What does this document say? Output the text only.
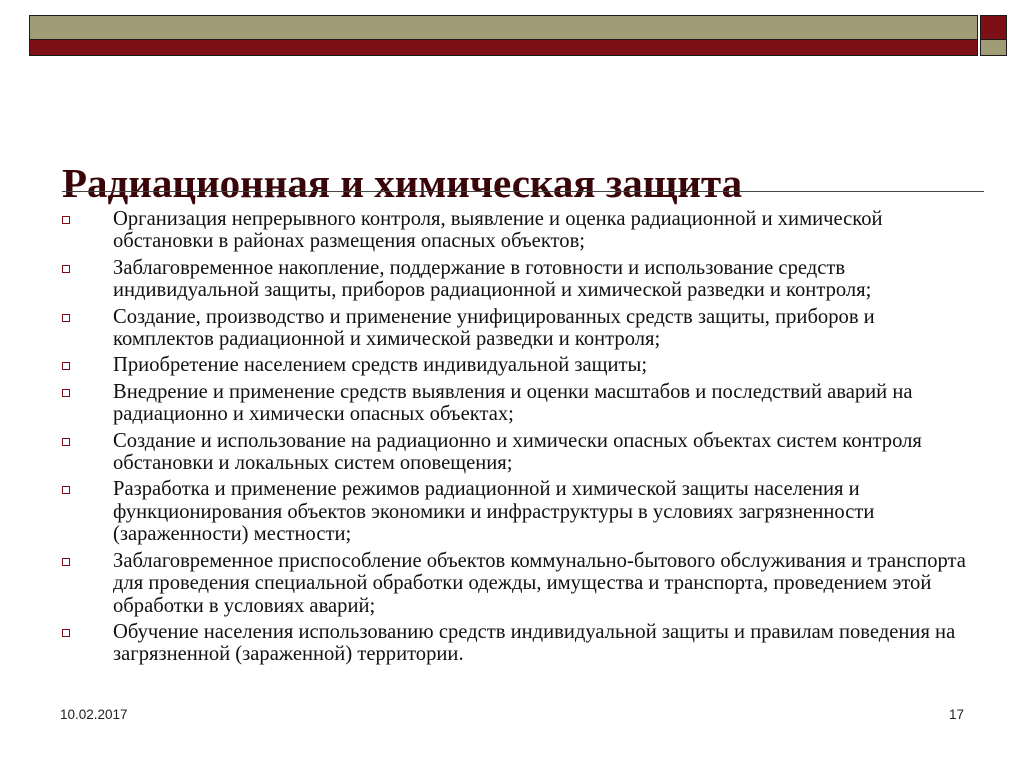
Радиационная и химическая защита
Организация непрерывного контроля, выявление и оценка радиационной и химической обстановки в районах размещения опасных объектов;
Заблаговременное накопление, поддержание в готовности и использование средств индивидуальной защиты, приборов радиационной и химической разведки и контроля;
Создание, производство и применение унифицированных средств защиты, приборов и комплектов радиационной и химической разведки и контроля;
Приобретение населением средств индивидуальной защиты;
Внедрение и применение средств выявления и оценки масштабов и последствий аварий на радиационно и химически опасных объектах;
Создание и использование на радиационно и химически опасных объектах систем контроля обстановки и локальных систем оповещения;
Разработка и применение режимов радиационной и химической защиты населения и функционирования объектов экономики и инфраструктуры в условиях загрязненности (зараженности) местности;
Заблаговременное приспособление объектов коммунально-бытового обслуживания и транспорта для проведения специальной обработки одежды, имущества и транспорта, проведением этой обработки в условиях аварий;
Обучение населения использованию средств индивидуальной защиты и правилам поведения на загрязненной (зараженной) территории.
10.02.2017	17
